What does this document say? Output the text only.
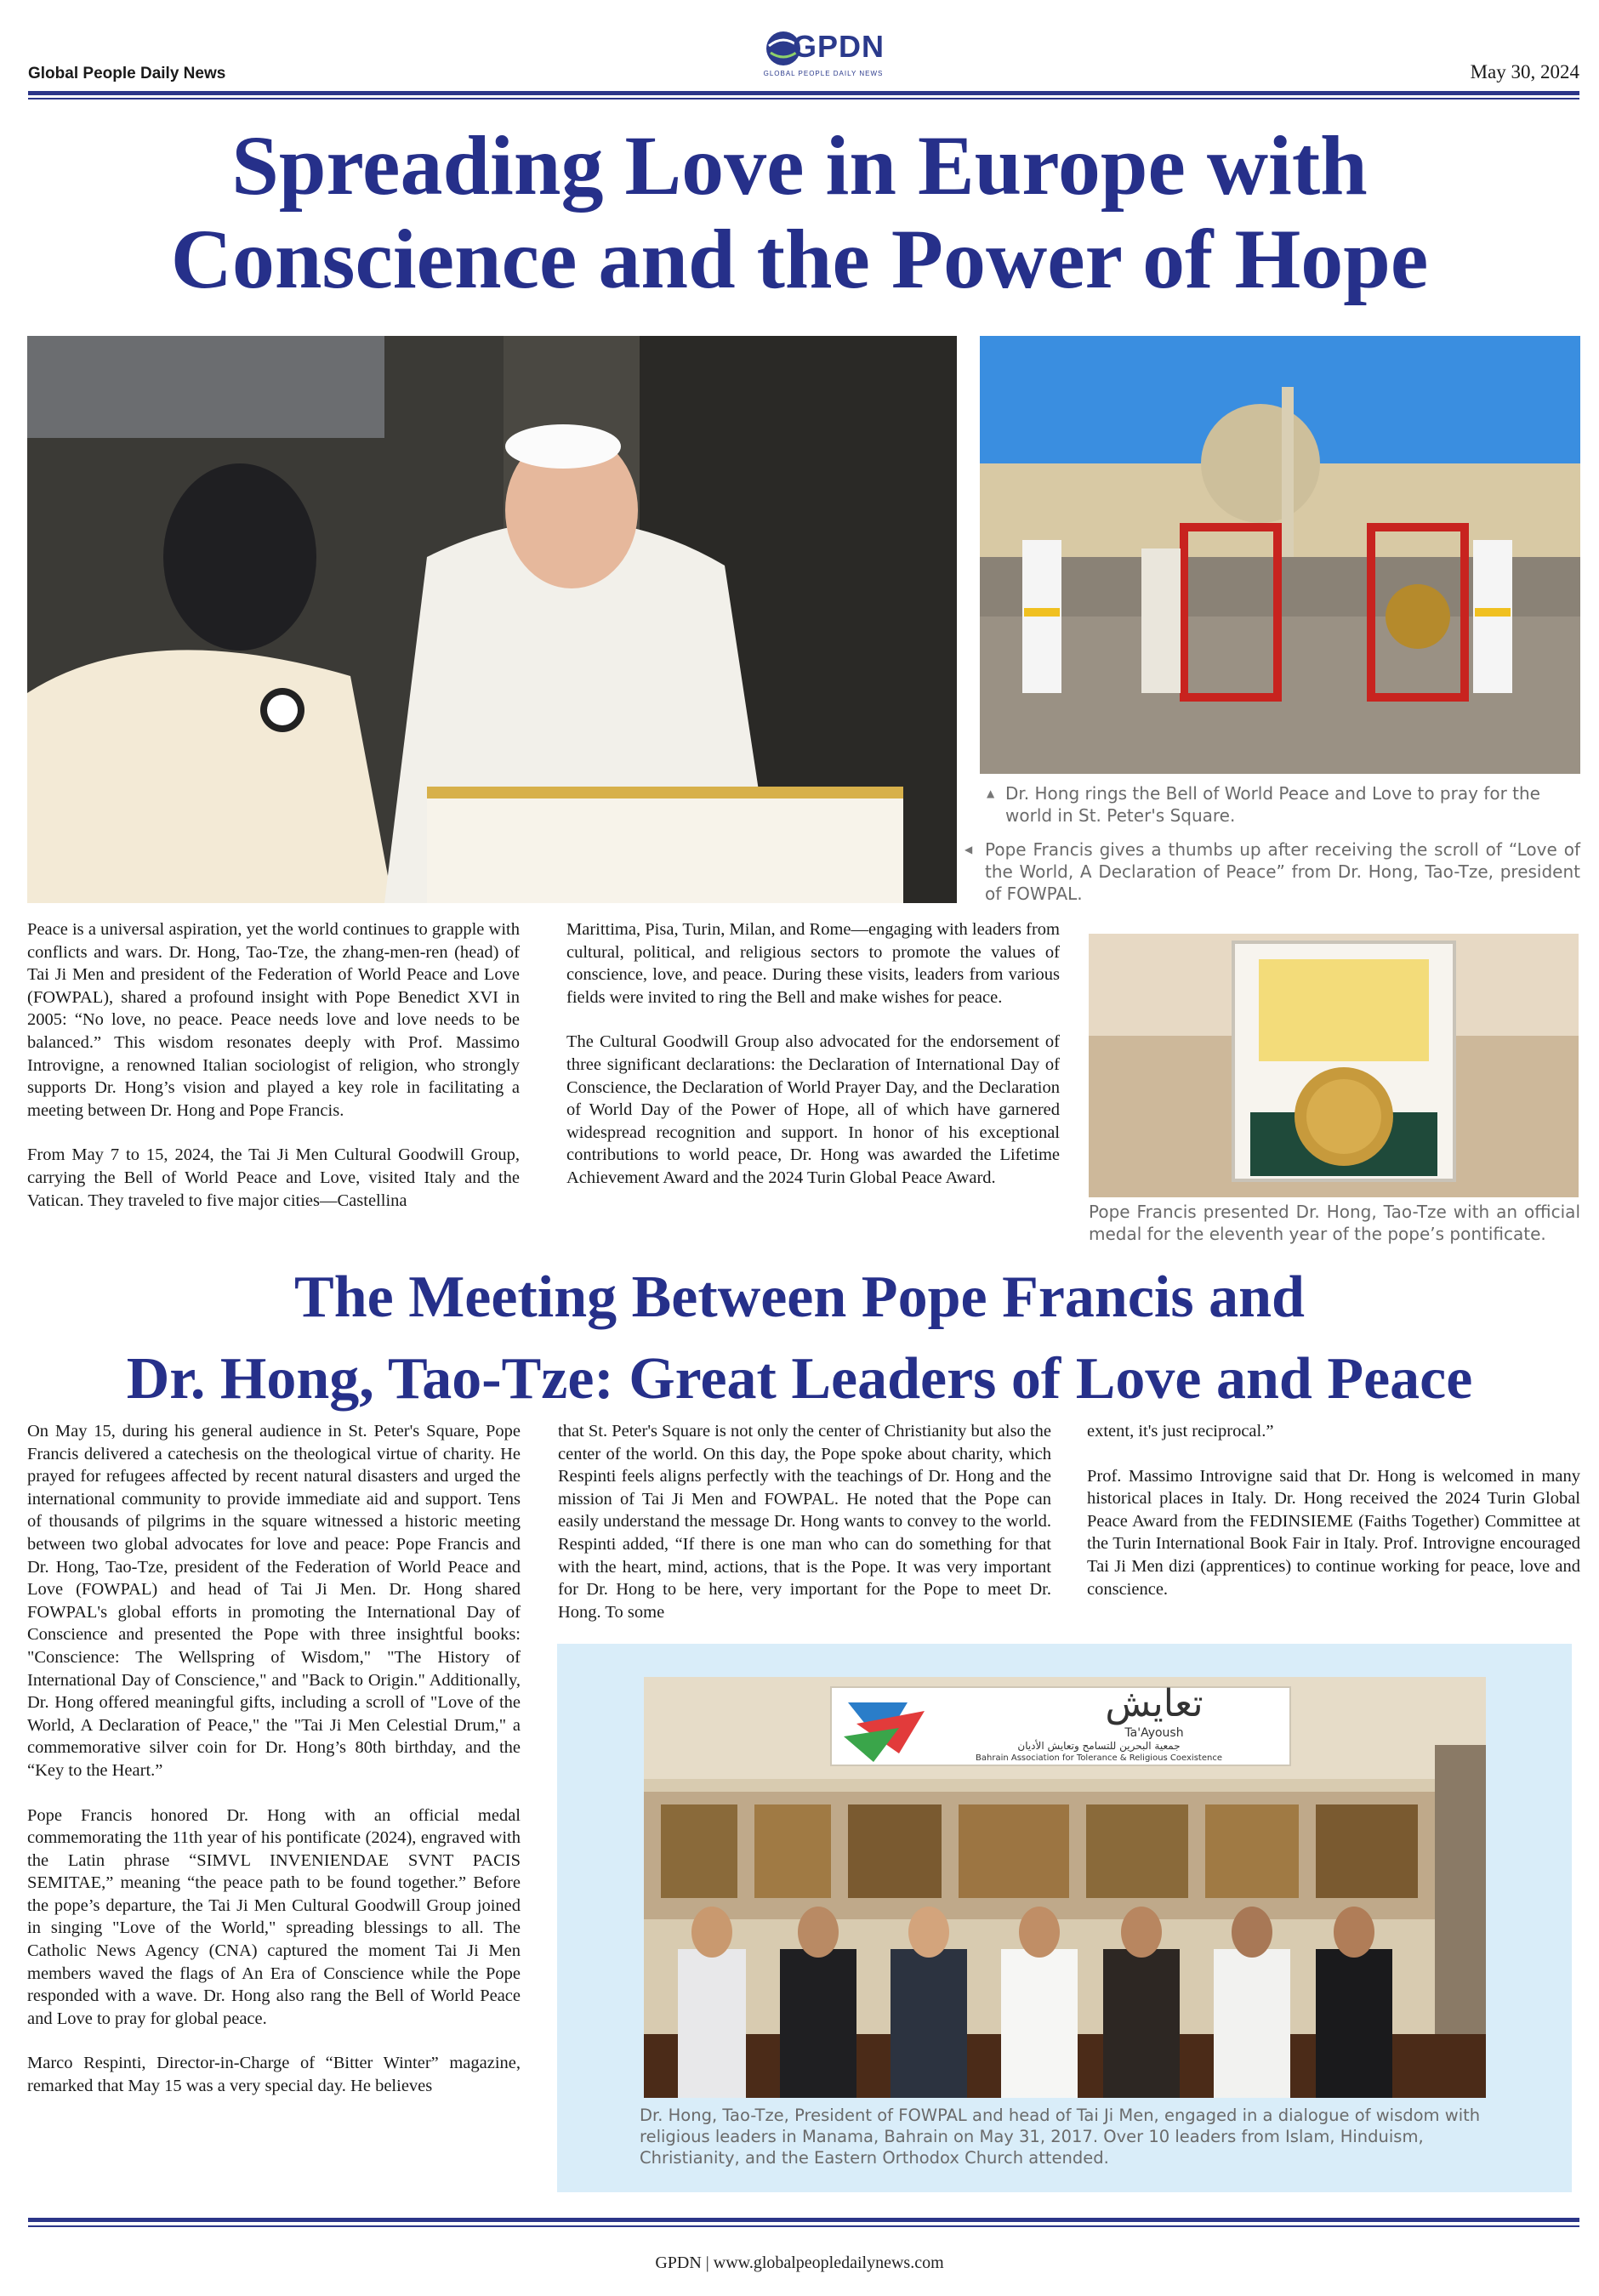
Global People Daily News
GPDN
GLOBAL PEOPLE DAILY NEWS	May 30, 2024
Spreading Love in Europe with
Conscience and the Power of Hope
▲ Dr. Hong rings the Bell of World Peace and Love to pray for the world in St. Peter's Square.
◀ Pope Francis gives a thumbs up after receiving the scroll of “Love of the World, A Declaration of Peace” from Dr. Hong, Tao-Tze, president of FOWPAL.
Pope Francis presented Dr. Hong, Tao-Tze with an official medal for the eleventh year of the pope’s pontificate.

Peace is a universal aspiration, yet the world continues to grapple with conflicts and wars. Dr. Hong, Tao-Tze, the zhang-men-ren (head) of Tai Ji Men and president of the Federation of World Peace and Love (FOWPAL), shared a profound insight with Pope Benedict XVI in 2005: “No love, no peace. Peace needs love and love needs to be balanced.” This wisdom resonates deeply with Prof. Massimo Introvigne, a renowned Italian sociologist of religion, who strongly supports Dr. Hong’s vision and played a key role in facilitating a meeting between Dr. Hong and Pope Francis.

From May 7 to 15, 2024, the Tai Ji Men Cultural Goodwill Group, carrying the Bell of World Peace and Love, visited Italy and the Vatican. They traveled to five major cities—Castellina

Marittima, Pisa, Turin, Milan, and Rome—engaging with leaders from cultural, political, and religious sectors to promote the values of conscience, love, and peace. During these visits, leaders from various fields were invited to ring the Bell and make wishes for peace.

The Cultural Goodwill Group also advocated for the endorsement of three significant declarations: the Declaration of International Day of Conscience, the Declaration of World Prayer Day, and the Declaration of World Day of the Power of Hope, all of which have garnered widespread recognition and support. In honor of his exceptional contributions to world peace, Dr. Hong was awarded the Lifetime Achievement Award and the 2024 Turin Global Peace Award.

The Meeting Between Pope Francis and
Dr. Hong, Tao-Tze: Great Leaders of Love and Peace

On May 15, during his general audience in St. Peter's Square, Pope Francis delivered a catechesis on the theological virtue of charity. He prayed for refugees affected by recent natural disasters and urged the international community to provide immediate aid and support. Tens of thousands of pilgrims in the square witnessed a historic meeting between two global advocates for love and peace: Pope Francis and Dr. Hong, Tao-Tze, president of the Federation of World Peace and Love (FOWPAL) and head of Tai Ji Men. Dr. Hong shared FOWPAL's global efforts in promoting the International Day of Conscience and presented the Pope with three insightful books: "Conscience: The Wellspring of Wisdom," "The History of International Day of Conscience," and "Back to Origin." Additionally, Dr. Hong offered meaningful gifts, including a scroll of "Love of the World, A Declaration of Peace," the "Tai Ji Men Celestial Drum," a commemorative silver coin for Dr. Hong’s 80th birthday, and the “Key to the Heart.”

Pope Francis honored Dr. Hong with an official medal commemorating the 11th year of his pontificate (2024), engraved with the Latin phrase “SIMVL INVENIENDAE SVNT PACIS SEMITAE,” meaning “the peace path to be found together.” Before the pope’s departure, the Tai Ji Men Cultural Goodwill Group joined in singing "Love of the World," spreading blessings to all. The Catholic News Agency (CNA) captured the moment Tai Ji Men members waved the flags of An Era of Conscience while the Pope responded with a wave. Dr. Hong also rang the Bell of World Peace and Love to pray for global peace.

Marco Respinti, Director-in-Charge of “Bitter Winter” magazine, remarked that May 15 was a very special day. He believes

that St. Peter's Square is not only the center of Christianity but also the center of the world. On this day, the Pope spoke about charity, which Respinti feels aligns perfectly with the teachings of Dr. Hong and the mission of Tai Ji Men and FOWPAL. He noted that the Pope can easily understand the message Dr. Hong wants to convey to the world. Respinti added, “If there is one man who can do something for that with the heart, mind, actions, that is the Pope. It was very important for Dr. Hong to be here, very important for the Pope to meet Dr. Hong. To some

extent, it's just reciprocal.”

Prof. Massimo Introvigne said that Dr. Hong is welcomed in many historical places in Italy. Dr. Hong received the 2024 Turin Global Peace Award from the FEDINSIEME (Faiths Together) Committee at the Turin International Book Fair in Italy. Prof. Introvigne encouraged Tai Ji Men dizi (apprentices) to continue working for peace, love and conscience.

تعايش
Ta'Ayoush
جمعية البحرين للتسامح وتعايش الأديان
Bahrain Association for Tolerance & Religious Coexistence
Dr. Hong, Tao-Tze, President of FOWPAL and head of Tai Ji Men, engaged in a dialogue of wisdom with religious leaders in Manama, Bahrain on May 31, 2017. Over 10 leaders from Islam, Hinduism, Christianity, and the Eastern Orthodox Church attended.
GPDN | www.globalpeopledailynews.com
